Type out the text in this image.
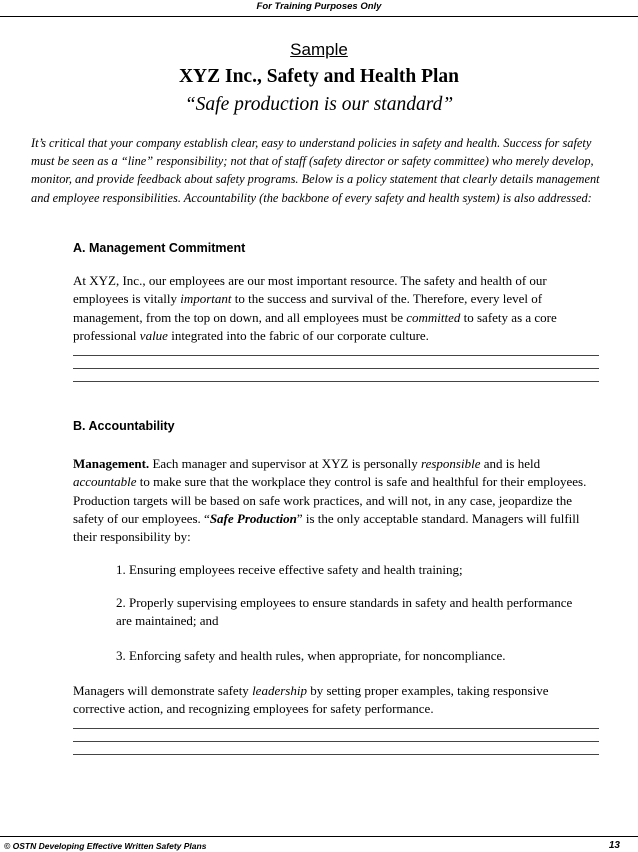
For Training Purposes Only
Sample
XYZ Inc., Safety and Health Plan
“Safe production is our standard”
It’s critical that your company establish clear, easy to understand policies in safety and health. Success for safety must be seen as a “line” responsibility; not that of staff (safety director or safety committee) who merely develop, monitor, and provide feedback about safety programs. Below is a policy statement that clearly details management and employee responsibilities. Accountability (the backbone of every safety and health system) is also addressed:
A. Management Commitment
At XYZ, Inc., our employees are our most important resource. The safety and health of our employees is vitally important to the success and survival of the. Therefore, every level of management, from the top on down, and all employees must be committed to safety as a core professional value integrated into the fabric of our corporate culture.
B. Accountability
Management. Each manager and supervisor at XYZ is personally responsible and is held accountable to make sure that the workplace they control is safe and healthful for their employees. Production targets will be based on safe work practices, and will not, in any case, jeopardize the safety of our employees. “Safe Production” is the only acceptable standard. Managers will fulfill their responsibility by:
1. Ensuring employees receive effective safety and health training;
2. Properly supervising employees to ensure standards in safety and health performance are maintained; and
3. Enforcing safety and health rules, when appropriate, for noncompliance.
Managers will demonstrate safety leadership by setting proper examples, taking responsive corrective action, and recognizing employees for safety performance.
© OSTN Developing Effective Written Safety Plans	13
